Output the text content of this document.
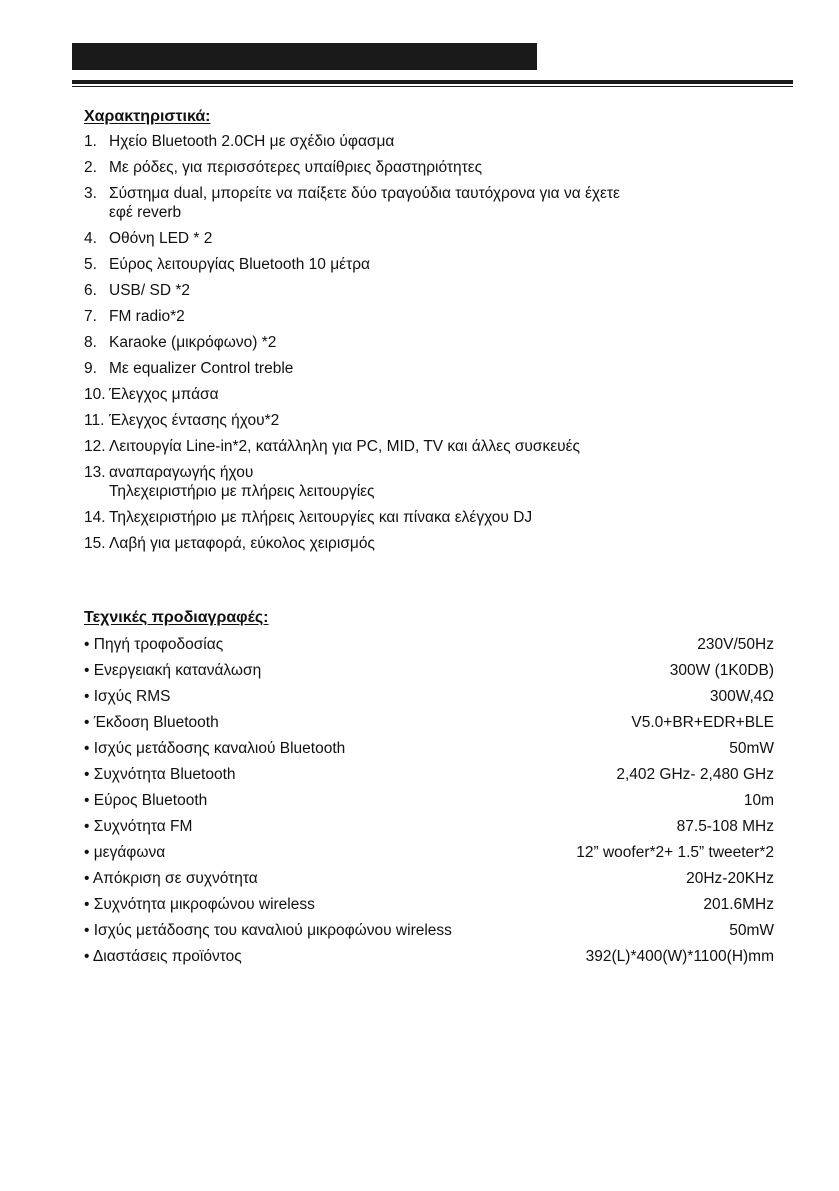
Χαρακτηριστικά:
1. Ηχείο Bluetooth 2.0CH με σχέδιο ύφασμα
2. Με ρόδες, για περισσότερες υπαίθριες δραστηριότητες
3. Σύστημα dual, μπορείτε να παίξετε δύο τραγούδια ταυτόχρονα για να έχετε
εφέ reverb
4. Οθόνη LED * 2
5. Εύρος λειτουργίας Bluetooth 10 μέτρα
6. USB/ SD *2
7. FM radio*2
8. Karaoke (μικρόφωνο) *2
9. Με equalizer Control treble
10. Έλεγχος μπάσα
11. Έλεγχος έντασης ήχου*2
12. Λειτουργία Line-in*2, κατάλληλη για PC, MID, TV και άλλες συσκευές
13. αναπαραγωγής ήχου
Τηλεχειριστήριο με πλήρεις λειτουργίες
14. Τηλεχειριστήριο με πλήρεις λειτουργίες και πίνακα ελέγχου DJ
15. Λαβή για μεταφορά, εύκολος χειρισμός
Τεχνικές προδιαγραφές:
• Πηγή τροφοδοσίας	230V/50Hz
• Ενεργειακή κατανάλωση	300W (1K0DB)
• Ισχύς RMS	300W,4Ω
• Έκδοση Bluetooth	V5.0+BR+EDR+BLE
• Ισχύς μετάδοσης καναλιού Bluetooth	50mW
• Συχνότητα Bluetooth	2,402 GHz- 2,480 GHz
• Εύρος Bluetooth	10m
• Συχνότητα FM	87.5-108 MHz
• μεγάφωνα	12” woofer*2+ 1.5” tweeter*2
• Απόκριση σε συχνότητα	20Hz-20KHz
• Συχνότητα μικροφώνου wireless	201.6MHz
• Ισχύς μετάδοσης του καναλιού μικροφώνου wireless	50mW
• Διαστάσεις προϊόντος	392(L)*400(W)*1100(H)mm
